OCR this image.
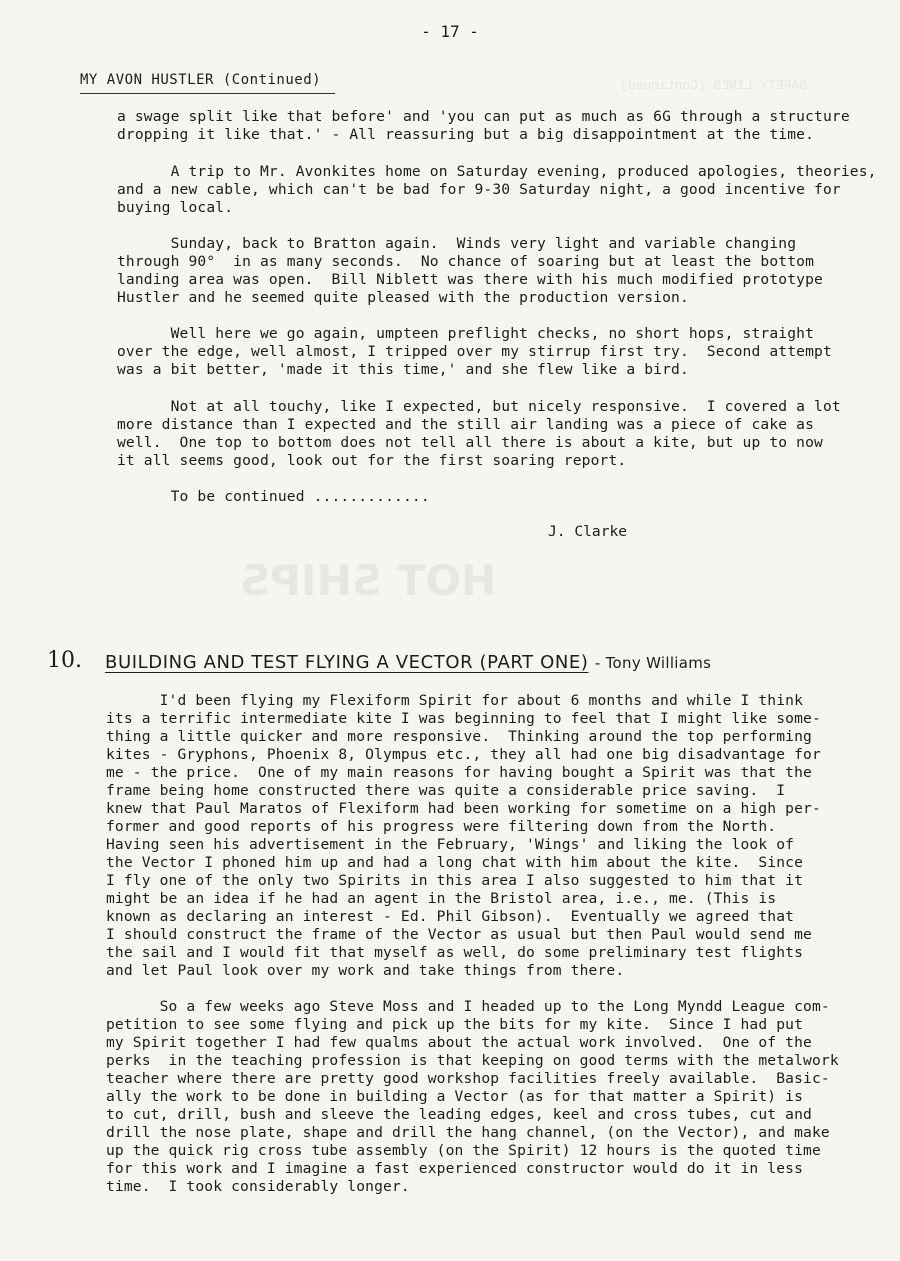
SAFETY LINES (Continued)
HOT SHIPS
- 17 -
MY AVON HUSTLER (Continued)
a swage split like that before' and 'you can put as much as 6G through a structure
dropping it like that.' - All reassuring but a big disappointment at the time.
A trip to Mr. Avonkites home on Saturday evening, produced apologies, theories,
and a new cable, which can't be bad for 9-30 Saturday night, a good incentive for
buying local.
Sunday, back to Bratton again.  Winds very light and variable changing
through 90°  in as many seconds.  No chance of soaring but at least the bottom
landing area was open.  Bill Niblett was there with his much modified prototype
Hustler and he seemed quite pleased with the production version.
Well here we go again, umpteen preflight checks, no short hops, straight
over the edge, well almost, I tripped over my stirrup first try.  Second attempt
was a bit better, 'made it this time,' and she flew like a bird.
Not at all touchy, like I expected, but nicely responsive.  I covered a lot
more distance than I expected and the still air landing was a piece of cake as
well.  One top to bottom does not tell all there is about a kite, but up to now
it all seems good, look out for the first soaring report.
To be continued .............
J. Clarke
10. BUILDING AND TEST FLYING A VECTOR (PART ONE) - Tony Williams
I'd been flying my Flexiform Spirit for about 6 months and while I think
its a terrific intermediate kite I was beginning to feel that I might like some-
thing a little quicker and more responsive.  Thinking around the top performing
kites - Gryphons, Phoenix 8, Olympus etc., they all had one big disadvantage for
me - the price.  One of my main reasons for having bought a Spirit was that the
frame being home constructed there was quite a considerable price saving.  I
knew that Paul Maratos of Flexiform had been working for sometime on a high per-
former and good reports of his progress were filtering down from the North.
Having seen his advertisement in the February, 'Wings' and liking the look of
the Vector I phoned him up and had a long chat with him about the kite.  Since
I fly one of the only two Spirits in this area I also suggested to him that it
might be an idea if he had an agent in the Bristol area, i.e., me. (This is
known as declaring an interest - Ed. Phil Gibson).  Eventually we agreed that
I should construct the frame of the Vector as usual but then Paul would send me
the sail and I would fit that myself as well, do some preliminary test flights
and let Paul look over my work and take things from there.
So a few weeks ago Steve Moss and I headed up to the Long Myndd League com-
petition to see some flying and pick up the bits for my kite.  Since I had put
my Spirit together I had few qualms about the actual work involved.  One of the
perks  in the teaching profession is that keeping on good terms with the metalwork
teacher where there are pretty good workshop facilities freely available.  Basic-
ally the work to be done in building a Vector (as for that matter a Spirit) is
to cut, drill, bush and sleeve the leading edges, keel and cross tubes, cut and
drill the nose plate, shape and drill the hang channel, (on the Vector), and make
up the quick rig cross tube assembly (on the Spirit) 12 hours is the quoted time
for this work and I imagine a fast experienced constructor would do it in less
time.  I took considerably longer.
